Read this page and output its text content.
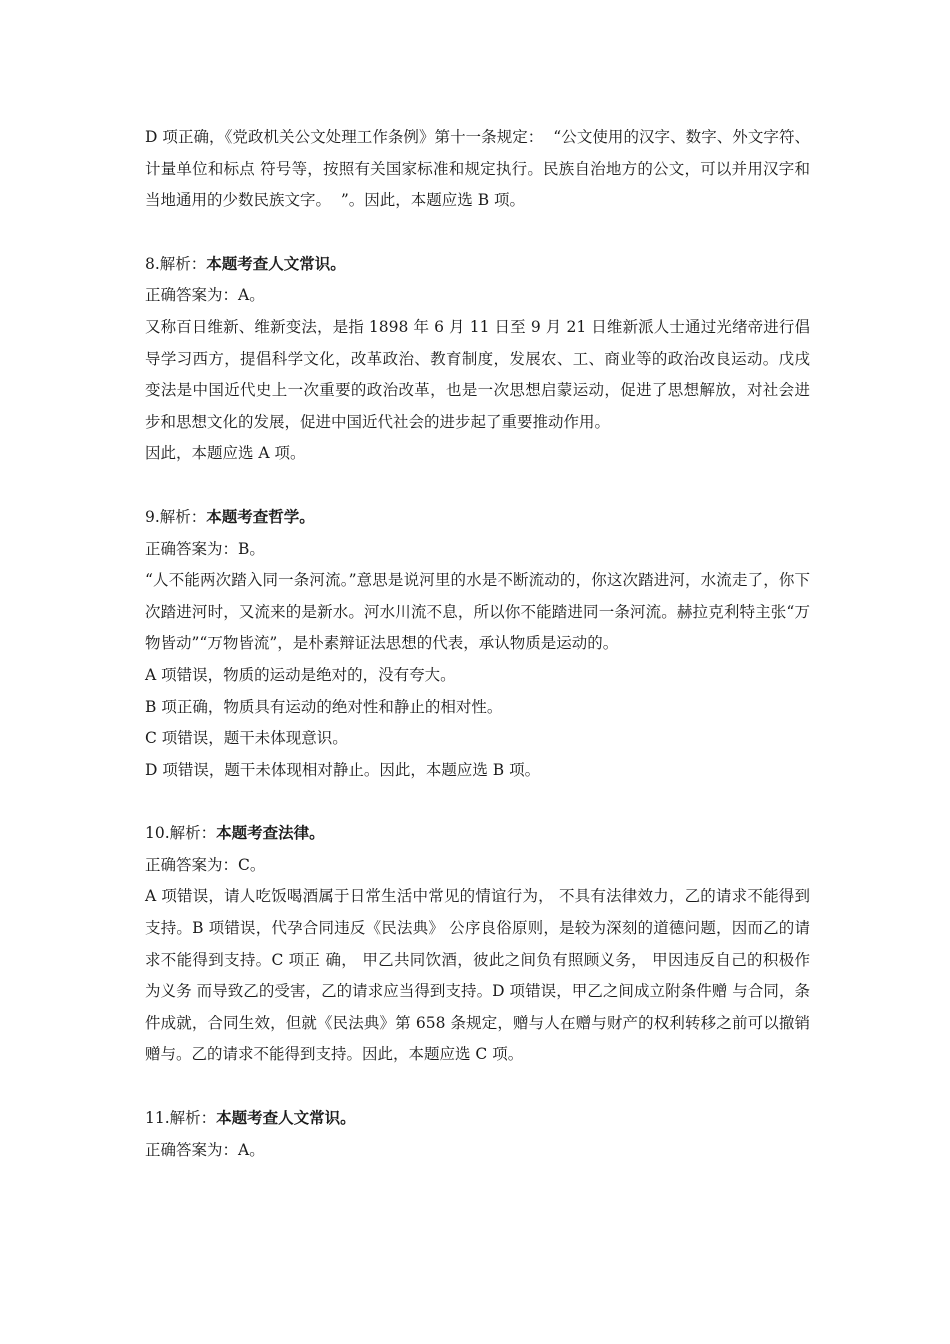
D 项正确，《党政机关公文处理工作条例》第十一条规定：  “公文使用的汉字、数字、外文字符、计量单位和标点 符号等，按照有关国家标准和规定执行。民族自治地方的公文，可以并用汉字和当地通用的少数民族文字。  ”。因此，本题应选 B 项。

8.解析：本题考查人文常识。

正确答案为：A。

又称百日维新、维新变法，是指 1898 年 6 月 11 日至 9 月 21 日维新派人士通过光绪帝进行倡导学习西方，提倡科学文化，改革政治、教育制度，发展农、工、商业等的政治改良运动。戊戌变法是中国近代史上一次重要的政治改革，也是一次思想启蒙运动，促进了思想解放，对社会进步和思想文化的发展，促进中国近代社会的进步起了重要推动作用。

因此，本题应选 A 项。

9.解析：本题考查哲学。

正确答案为：B。

“人不能两次踏入同一条河流。”意思是说河里的水是不断流动的，你这次踏进河，水流走了，你下次踏进河时，又流来的是新水。河水川流不息，所以你不能踏进同一条河流。赫拉克利特主张“万物皆动”“万物皆流”，是朴素辩证法思想的代表，承认物质是运动的。

A 项错误，物质的运动是绝对的，没有夸大。

B 项正确，物质具有运动的绝对性和静止的相对性。

C 项错误，题干未体现意识。

D 项错误，题干未体现相对静止。因此，本题应选 B 项。

10.解析：本题考查法律。

正确答案为：C。

A 项错误，请人吃饭喝酒属于日常生活中常见的情谊行为， 不具有法律效力，乙的请求不能得到支持。B 项错误，代孕合同违反《民法典》 公序良俗原则，是较为深刻的道德问题，因而乙的请求不能得到支持。C 项正 确， 甲乙共同饮酒，彼此之间负有照顾义务， 甲因违反自己的积极作为义务 而导致乙的受害，乙的请求应当得到支持。D 项错误，甲乙之间成立附条件赠 与合同，条件成就，合同生效，但就《民法典》第 658 条规定，赠与人在赠与财产的权利转移之前可以撤销赠与。乙的请求不能得到支持。因此，本题应选 C 项。

11.解析：本题考查人文常识。

正确答案为：A。
